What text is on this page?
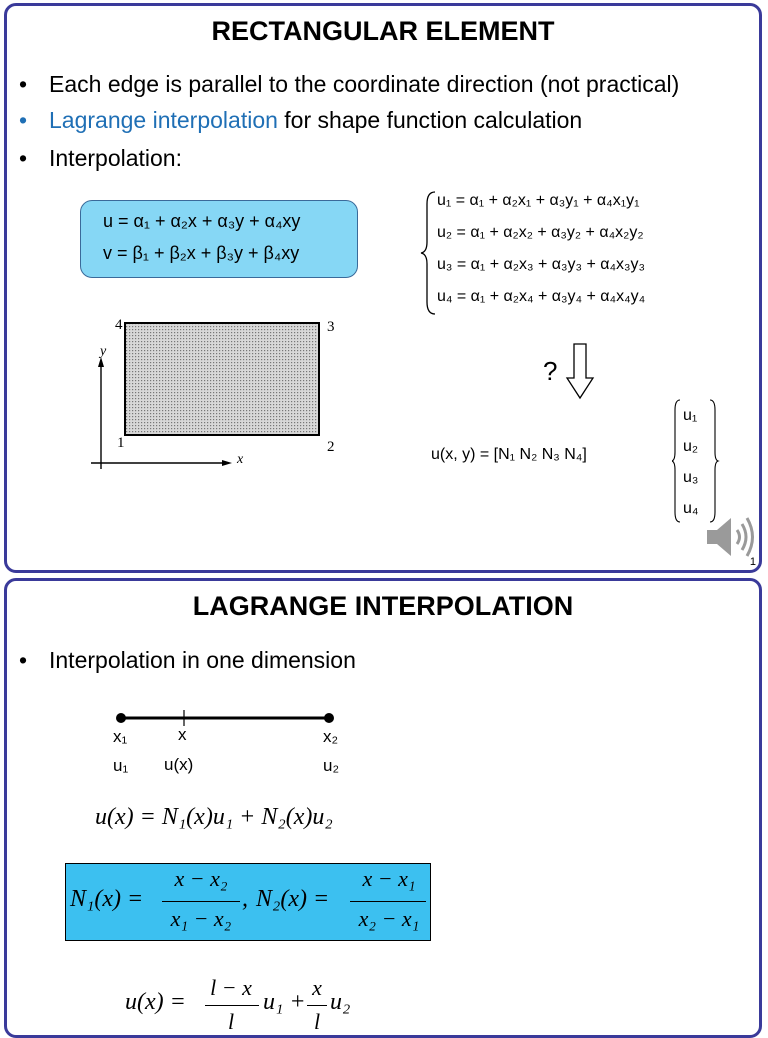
RECTANGULAR ELEMENT
• Each edge is parallel to the coordinate direction (not practical)
• Lagrange interpolation for shape function calculation
• Interpolation:
u = α₁ + α₂x + α₃y + α₄xy
v = β₁ + β₂x + β₃y + β₄xy
u₁ = α₁ + α₂x₁ + α₃y₁ + α₄x₁y₁
u₂ = α₁ + α₂x₂ + α₃y₂ + α₄x₂y₂
u₃ = α₁ + α₂x₃ + α₃y₃ + α₄x₃y₃
u₄ = α₁ + α₂x₄ + α₃y₄ + α₄x₄y₄
1	2
3
4
y
x
?
u(x, y) = [N₁ N₂ N₃ N₄]
u₁
u₂
u₃
u₄
1
LAGRANGE INTERPOLATION
• Interpolation in one dimension
x₁	x	x₂
u₁ u(x)	u₂
u(x) = N₁(x)u₁ + N₂(x)u₂
N₁(x) =
x − x₂
x₁ − x₂
, N₂(x) =
x − x₁
x₂ − x₁
u(x) =
l − x
l
u₁ +
x
l
u₂
